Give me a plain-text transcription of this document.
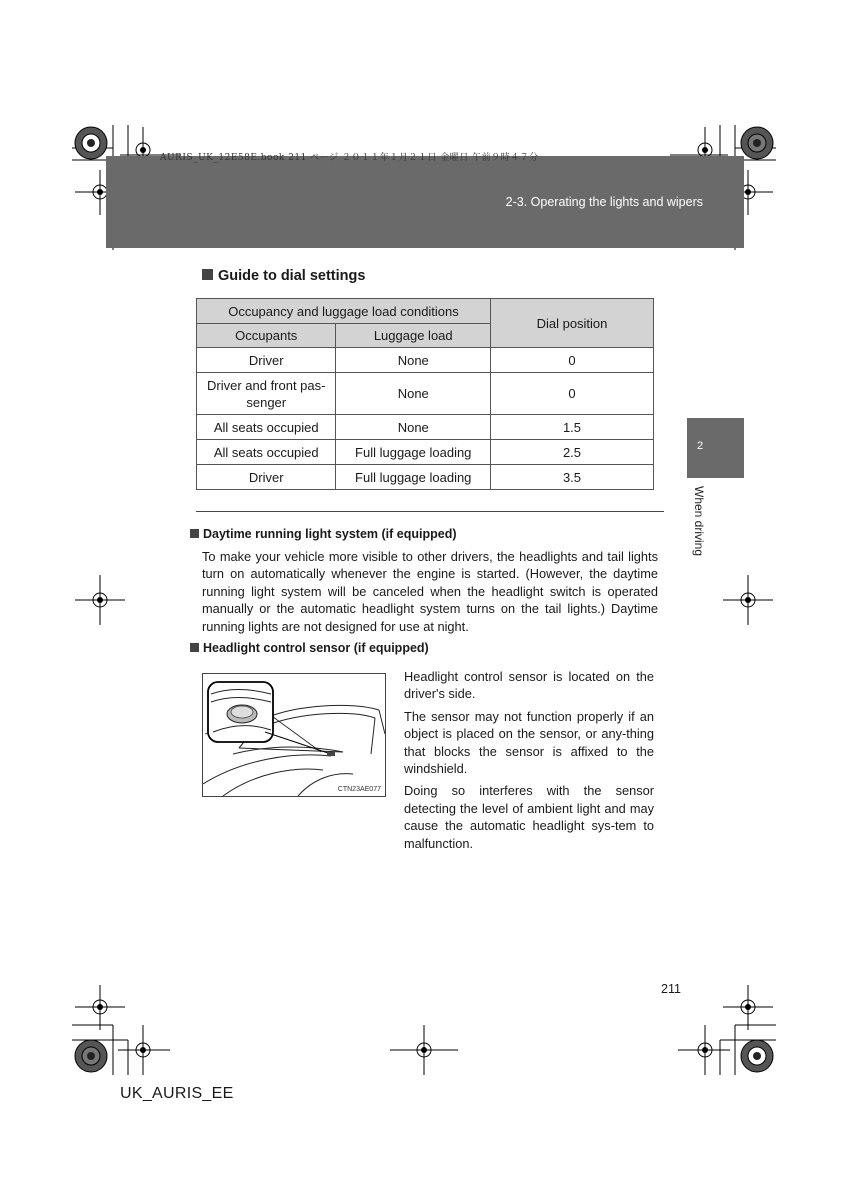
AURIS_UK_12E58E.book 211 ページ ２０１１年１月２１日 金曜日 午前９時４７分
2-3. Operating the lights and wipers
2
When driving
Guide to dial settings
Occupancy and luggage load conditions		Dial position
Occupants	Luggage load	
Driver	None	0
Driver and front pas-senger	None	0
All seats occupied	None	1.5
All seats occupied	Full luggage loading	2.5
Driver	Full luggage loading	3.5
Daytime running light system (if equipped)
To make your vehicle more visible to other drivers, the headlights and tail lights turn on automatically whenever the engine is started. (However, the daytime running light system will be canceled when the headlight switch is operated manually or the automatic headlight system turns on the tail lights.) Daytime running lights are not designed for use at night.
Headlight control sensor (if equipped)
CTN23AE077

Headlight control sensor is located on the driver's side.

The sensor may not function properly if an object is placed on the sensor, or any-thing that blocks the sensor is affixed to the windshield.

Doing so interferes with the sensor detecting the level of ambient light and may cause the automatic headlight sys-tem to malfunction.

211
UK_AURIS_EE
